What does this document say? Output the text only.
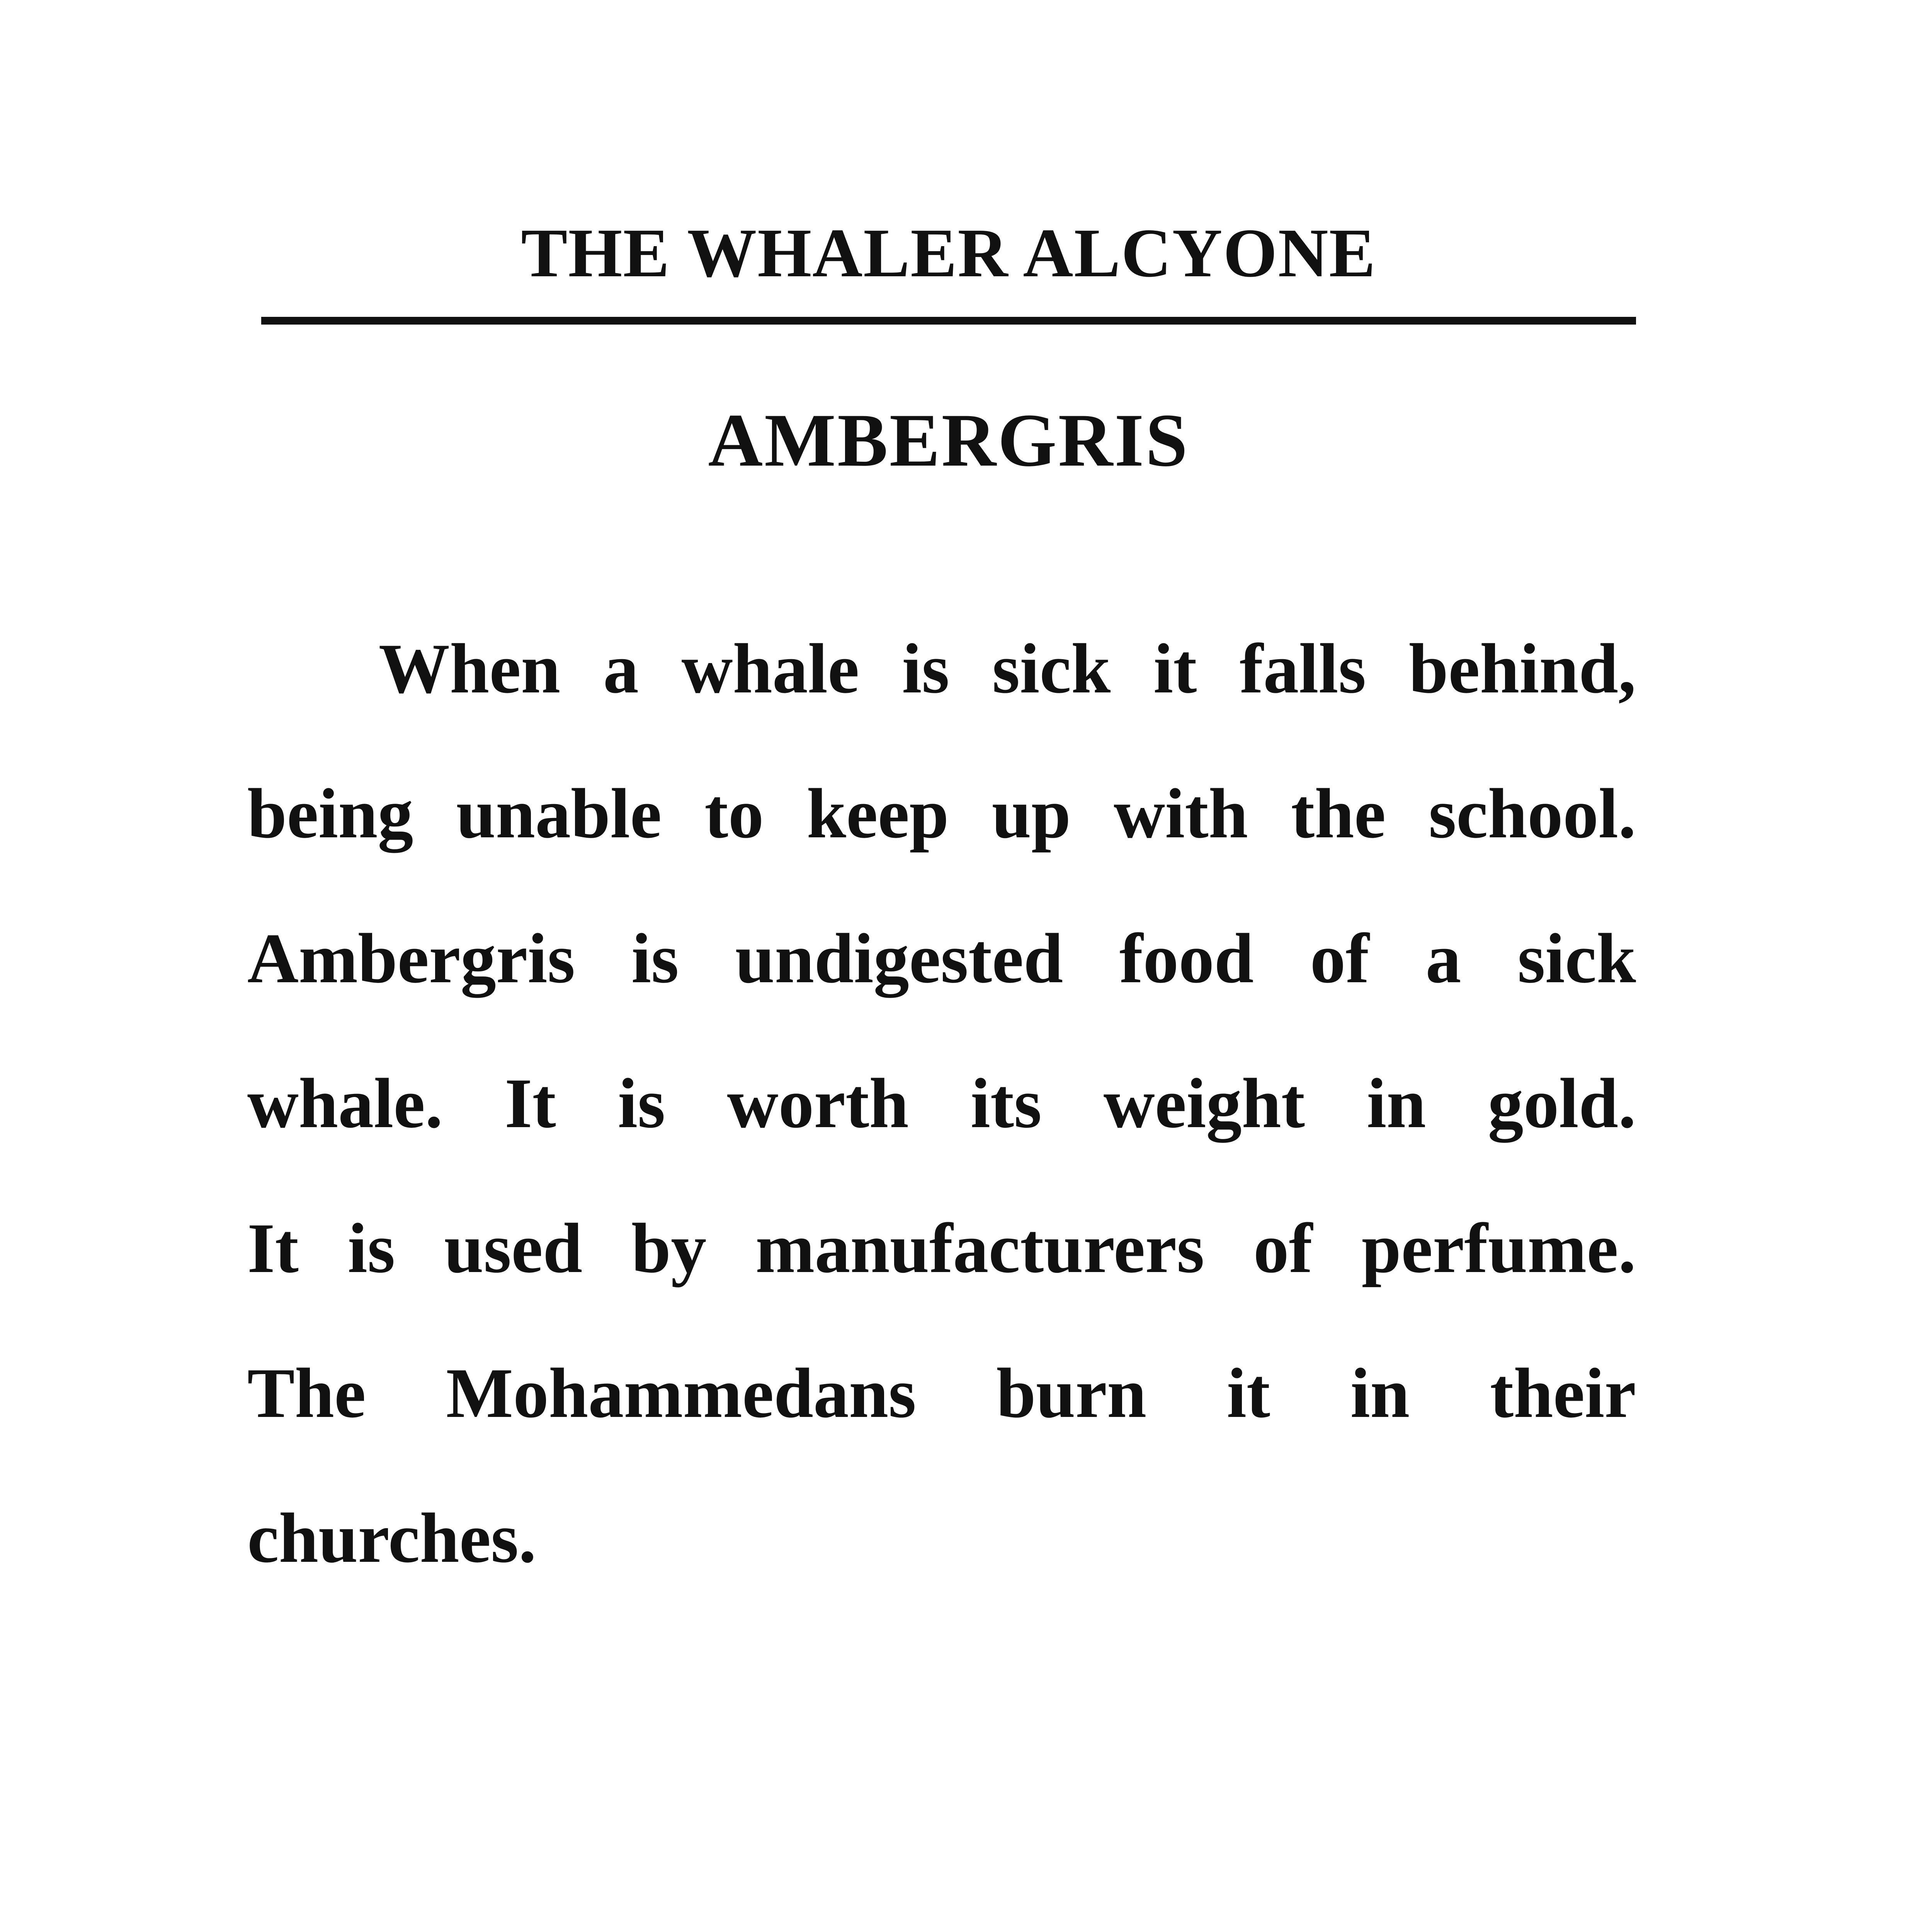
THE WHALER ALCYONE
AMBERGRIS
When a whale is sick it falls behind,
being unable to keep up with the school.
Ambergris is undigested food of a sick
whale. It is worth its weight in gold.
It is used by manufacturers of perfume.
The Mohammedans burn it in their
churches.
